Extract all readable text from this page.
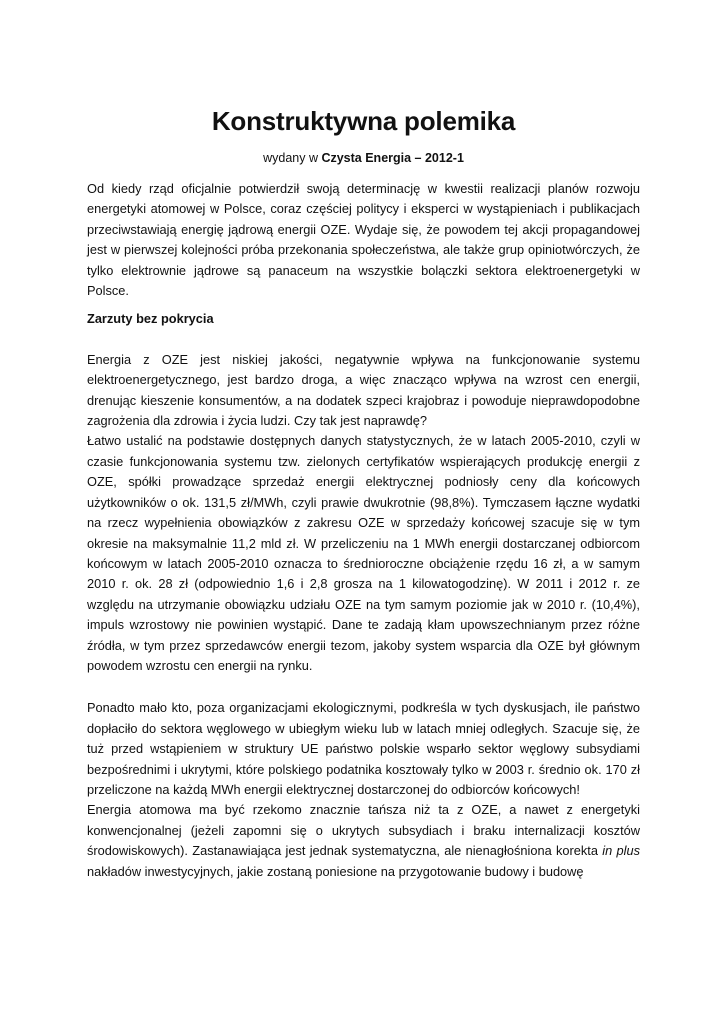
Konstruktywna polemika
wydany w Czysta Energia – 2012-1

Od kiedy rząd oficjalnie potwierdził swoją determinację w kwestii realizacji planów rozwoju energetyki atomowej w Polsce, coraz częściej politycy i eksperci w wystąpieniach i publikacjach przeciwstawiają energię jądrową energii OZE. Wydaje się, że powodem tej akcji propagandowej jest w pierwszej kolejności próba przekonania społeczeństwa, ale także grup opiniotwórczych, że tylko elektrownie jądrowe są panaceum na wszystkie bolączki sektora elektroenergetyki w Polsce.

Zarzuty bez pokrycia

Energia z OZE jest niskiej jakości, negatywnie wpływa na funkcjonowanie systemu elektroenergetycznego, jest bardzo droga, a więc znacząco wpływa na wzrost cen energii, drenując kieszenie konsumentów, a na dodatek szpeci krajobraz i powoduje nieprawdopodobne zagrożenia dla zdrowia i życia ludzi. Czy tak jest naprawdę?

Łatwo ustalić na podstawie dostępnych danych statystycznych, że w latach 2005-2010, czyli w czasie funkcjonowania systemu tzw. zielonych certyfikatów wspierających produkcję energii z OZE, spółki prowadzące sprzedaż energii elektrycznej podniosły ceny dla końcowych użytkowników o ok. 131,5 zł/MWh, czyli prawie dwukrotnie (98,8%). Tymczasem łączne wydatki na rzecz wypełnienia obowiązków z zakresu OZE w sprzedaży końcowej szacuje się w tym okresie na maksymalnie 11,2 mld zł. W przeliczeniu na 1 MWh energii dostarczanej odbiorcom końcowym w latach 2005-2010 oznacza to średnioroczne obciążenie rzędu 16 zł, a w samym 2010 r. ok. 28 zł (odpowiednio 1,6 i 2,8 grosza na 1 kilowatogodzinę). W 2011 i 2012 r. ze względu na utrzymanie obowiązku udziału OZE na tym samym poziomie jak w 2010 r. (10,4%), impuls wzrostowy nie powinien wystąpić. Dane te zadają kłam upowszechnianym przez różne źródła, w tym przez sprzedawców energii tezom, jakoby system wsparcia dla OZE był głównym powodem wzrostu cen energii na rynku.

Ponadto mało kto, poza organizacjami ekologicznymi, podkreśla w tych dyskusjach, ile państwo dopłaciło do sektora węglowego w ubiegłym wieku lub w latach mniej odległych. Szacuje się, że tuż przed wstąpieniem w struktury UE państwo polskie wsparło sektor węglowy subsydiami bezpośrednimi i ukrytymi, które polskiego podatnika kosztowały tylko w 2003 r. średnio ok. 170 zł przeliczone na każdą MWh energii elektrycznej dostarczonej do odbiorców końcowych!

Energia atomowa ma być rzekomo znacznie tańsza niż ta z OZE, a nawet z energetyki konwencjonalnej (jeżeli zapomni się o ukrytych subsydiach i braku internalizacji kosztów środowiskowych). Zastanawiająca jest jednak systematyczna, ale nienagłośniona korekta in plus nakładów inwestycyjnych, jakie zostaną poniesione na przygotowanie budowy i budowę
